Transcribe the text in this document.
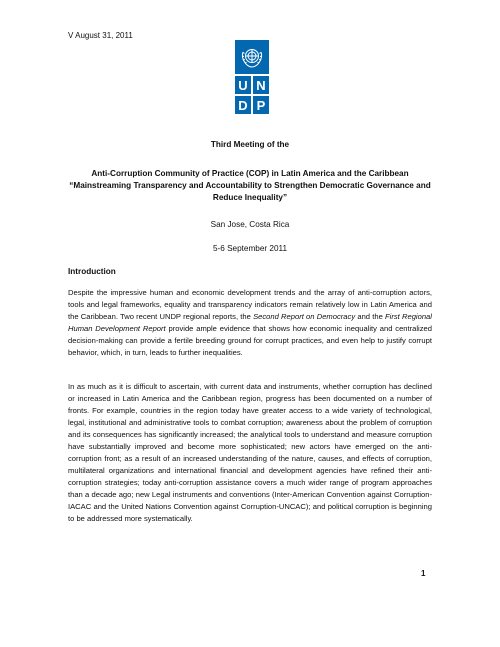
V August 31, 2011
U N
D P
Third Meeting of the
Anti-Corruption Community of Practice (COP) in Latin America and the Caribbean
“Mainstreaming Transparency and Accountability to Strengthen Democratic Governance and Reduce Inequality”
San Jose, Costa Rica
5-6 September 2011
Introduction

Despite the impressive human and economic development trends and the array of anti-corruption actors, tools and legal frameworks, equality and transparency indicators remain relatively low in Latin America and the Caribbean. Two recent UNDP regional reports, the Second Report on Democracy and the First Regional Human Development Report provide ample evidence that shows how economic inequality and centralized decision-making can provide a fertile breeding ground for corrupt practices, and even help to justify corrupt behavior, which, in turn, leads to further inequalities.

In as much as it is difficult to ascertain, with current data and instruments, whether corruption has declined or increased in Latin America and the Caribbean region, progress has been documented on a number of fronts. For example, countries in the region today have greater access to a wide variety of technological, legal, institutional and administrative tools to combat corruption; awareness about the problem of corruption and its consequences has significantly increased; the analytical tools to understand and measure corruption have substantially improved and become more sophisticated; new actors have emerged on the anti-corruption front; as a result of an increased understanding of the nature, causes, and effects of corruption, multilateral organizations and international financial and development agencies have refined their anti-corruption strategies; today anti-corruption assistance covers a much wider range of program approaches than a decade ago; new Legal instruments and conventions (Inter-American Convention against Corruption-IACAC and the United Nations Convention against Corruption-UNCAC); and political corruption is beginning to be addressed more systematically.

1
